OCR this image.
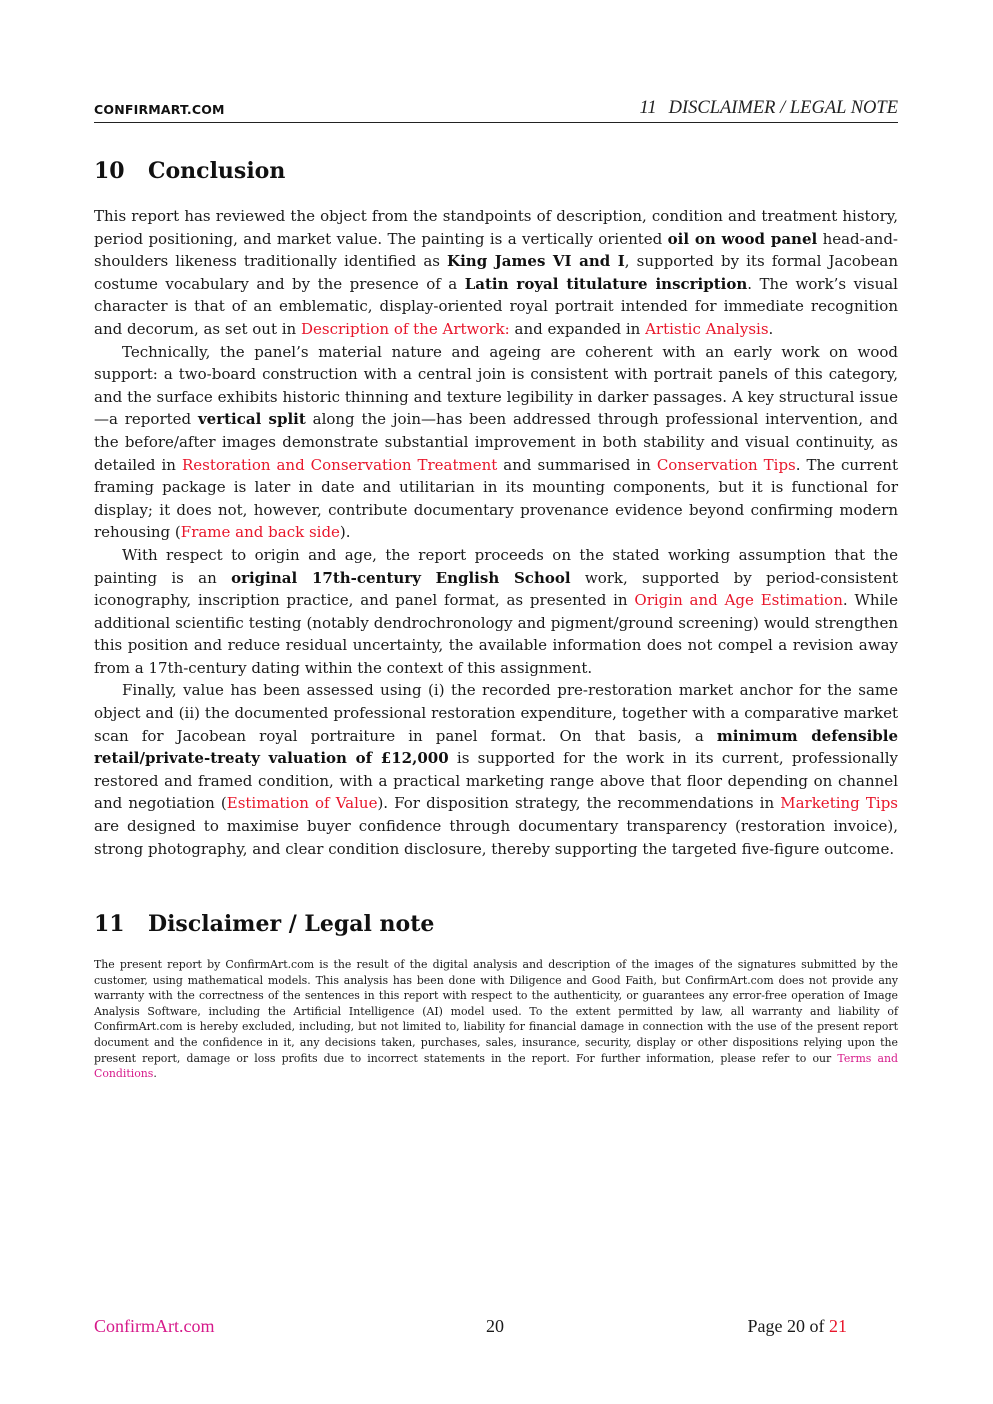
CONFIRMART.COM	11 DISCLAIMER / LEGAL NOTE
10 Conclusion

This report has reviewed the object from the standpoints of description, condition and treatment history, period positioning, and market value. The painting is a vertically oriented oil on wood panel head-and-shoulders likeness traditionally identified as King James VI and I, supported by its formal Jacobean costume vocabulary and by the presence of a Latin royal titulature inscription. The work’s visual character is that of an emblematic, display-oriented royal portrait intended for immediate recognition and decorum, as set out in Description of the Artwork: and expanded in Artistic Analysis.

Technically, the panel’s material nature and ageing are coherent with an early work on wood support: a two-board construction with a central join is consistent with portrait panels of this category, and the surface exhibits historic thinning and texture legibility in darker passages. A key structural issue—a reported vertical split along the join—has been addressed through professional intervention, and the before/after images demonstrate substantial improvement in both stability and visual continuity, as detailed in Restoration and Conservation Treatment and summarised in Conservation Tips. The current framing package is later in date and utilitarian in its mounting components, but it is functional for display; it does not, however, contribute documentary provenance evidence beyond confirming modern rehousing (Frame and back side).

With respect to origin and age, the report proceeds on the stated working assumption that the painting is an original 17th-century English School work, supported by period-consistent iconography, inscription practice, and panel format, as presented in Origin and Age Estimation. While additional scientific testing (notably dendrochronology and pigment/ground screening) would strengthen this position and reduce residual uncertainty, the available information does not compel a revision away from a 17th-century dating within the context of this assignment.

Finally, value has been assessed using (i) the recorded pre-restoration market anchor for the same object and (ii) the documented professional restoration expenditure, together with a comparative market scan for Jacobean royal portraiture in panel format. On that basis, a minimum defensible retail/private-treaty valuation of £12,000 is supported for the work in its current, professionally restored and framed condition, with a practical marketing range above that floor depending on channel and negotiation (Estimation of Value). For disposition strategy, the recommendations in Marketing Tips are designed to maximise buyer confidence through documentary transparency (restoration invoice), strong photography, and clear condition disclosure, thereby supporting the targeted five-figure outcome.

11 Disclaimer / Legal note

The present report by ConfirmArt.com is the result of the digital analysis and description of the images of the signatures submitted by the customer, using mathematical models. This analysis has been done with Diligence and Good Faith, but ConfirmArt.com does not provide any warranty with the correctness of the sentences in this report with respect to the authenticity, or guarantees any error-free operation of Image Analysis Software, including the Artificial Intelligence (AI) model used. To the extent permitted by law, all warranty and liability of ConfirmArt.com is hereby excluded, including, but not limited to, liability for financial damage in connection with the use of the present report document and the confidence in it, any decisions taken, purchases, sales, insurance, security, display or other dispositions relying upon the present report, damage or loss profits due to incorrect statements in the report. For further information, please refer to our Terms and Conditions.

ConfirmArt.com	20	Page 20 of 21
